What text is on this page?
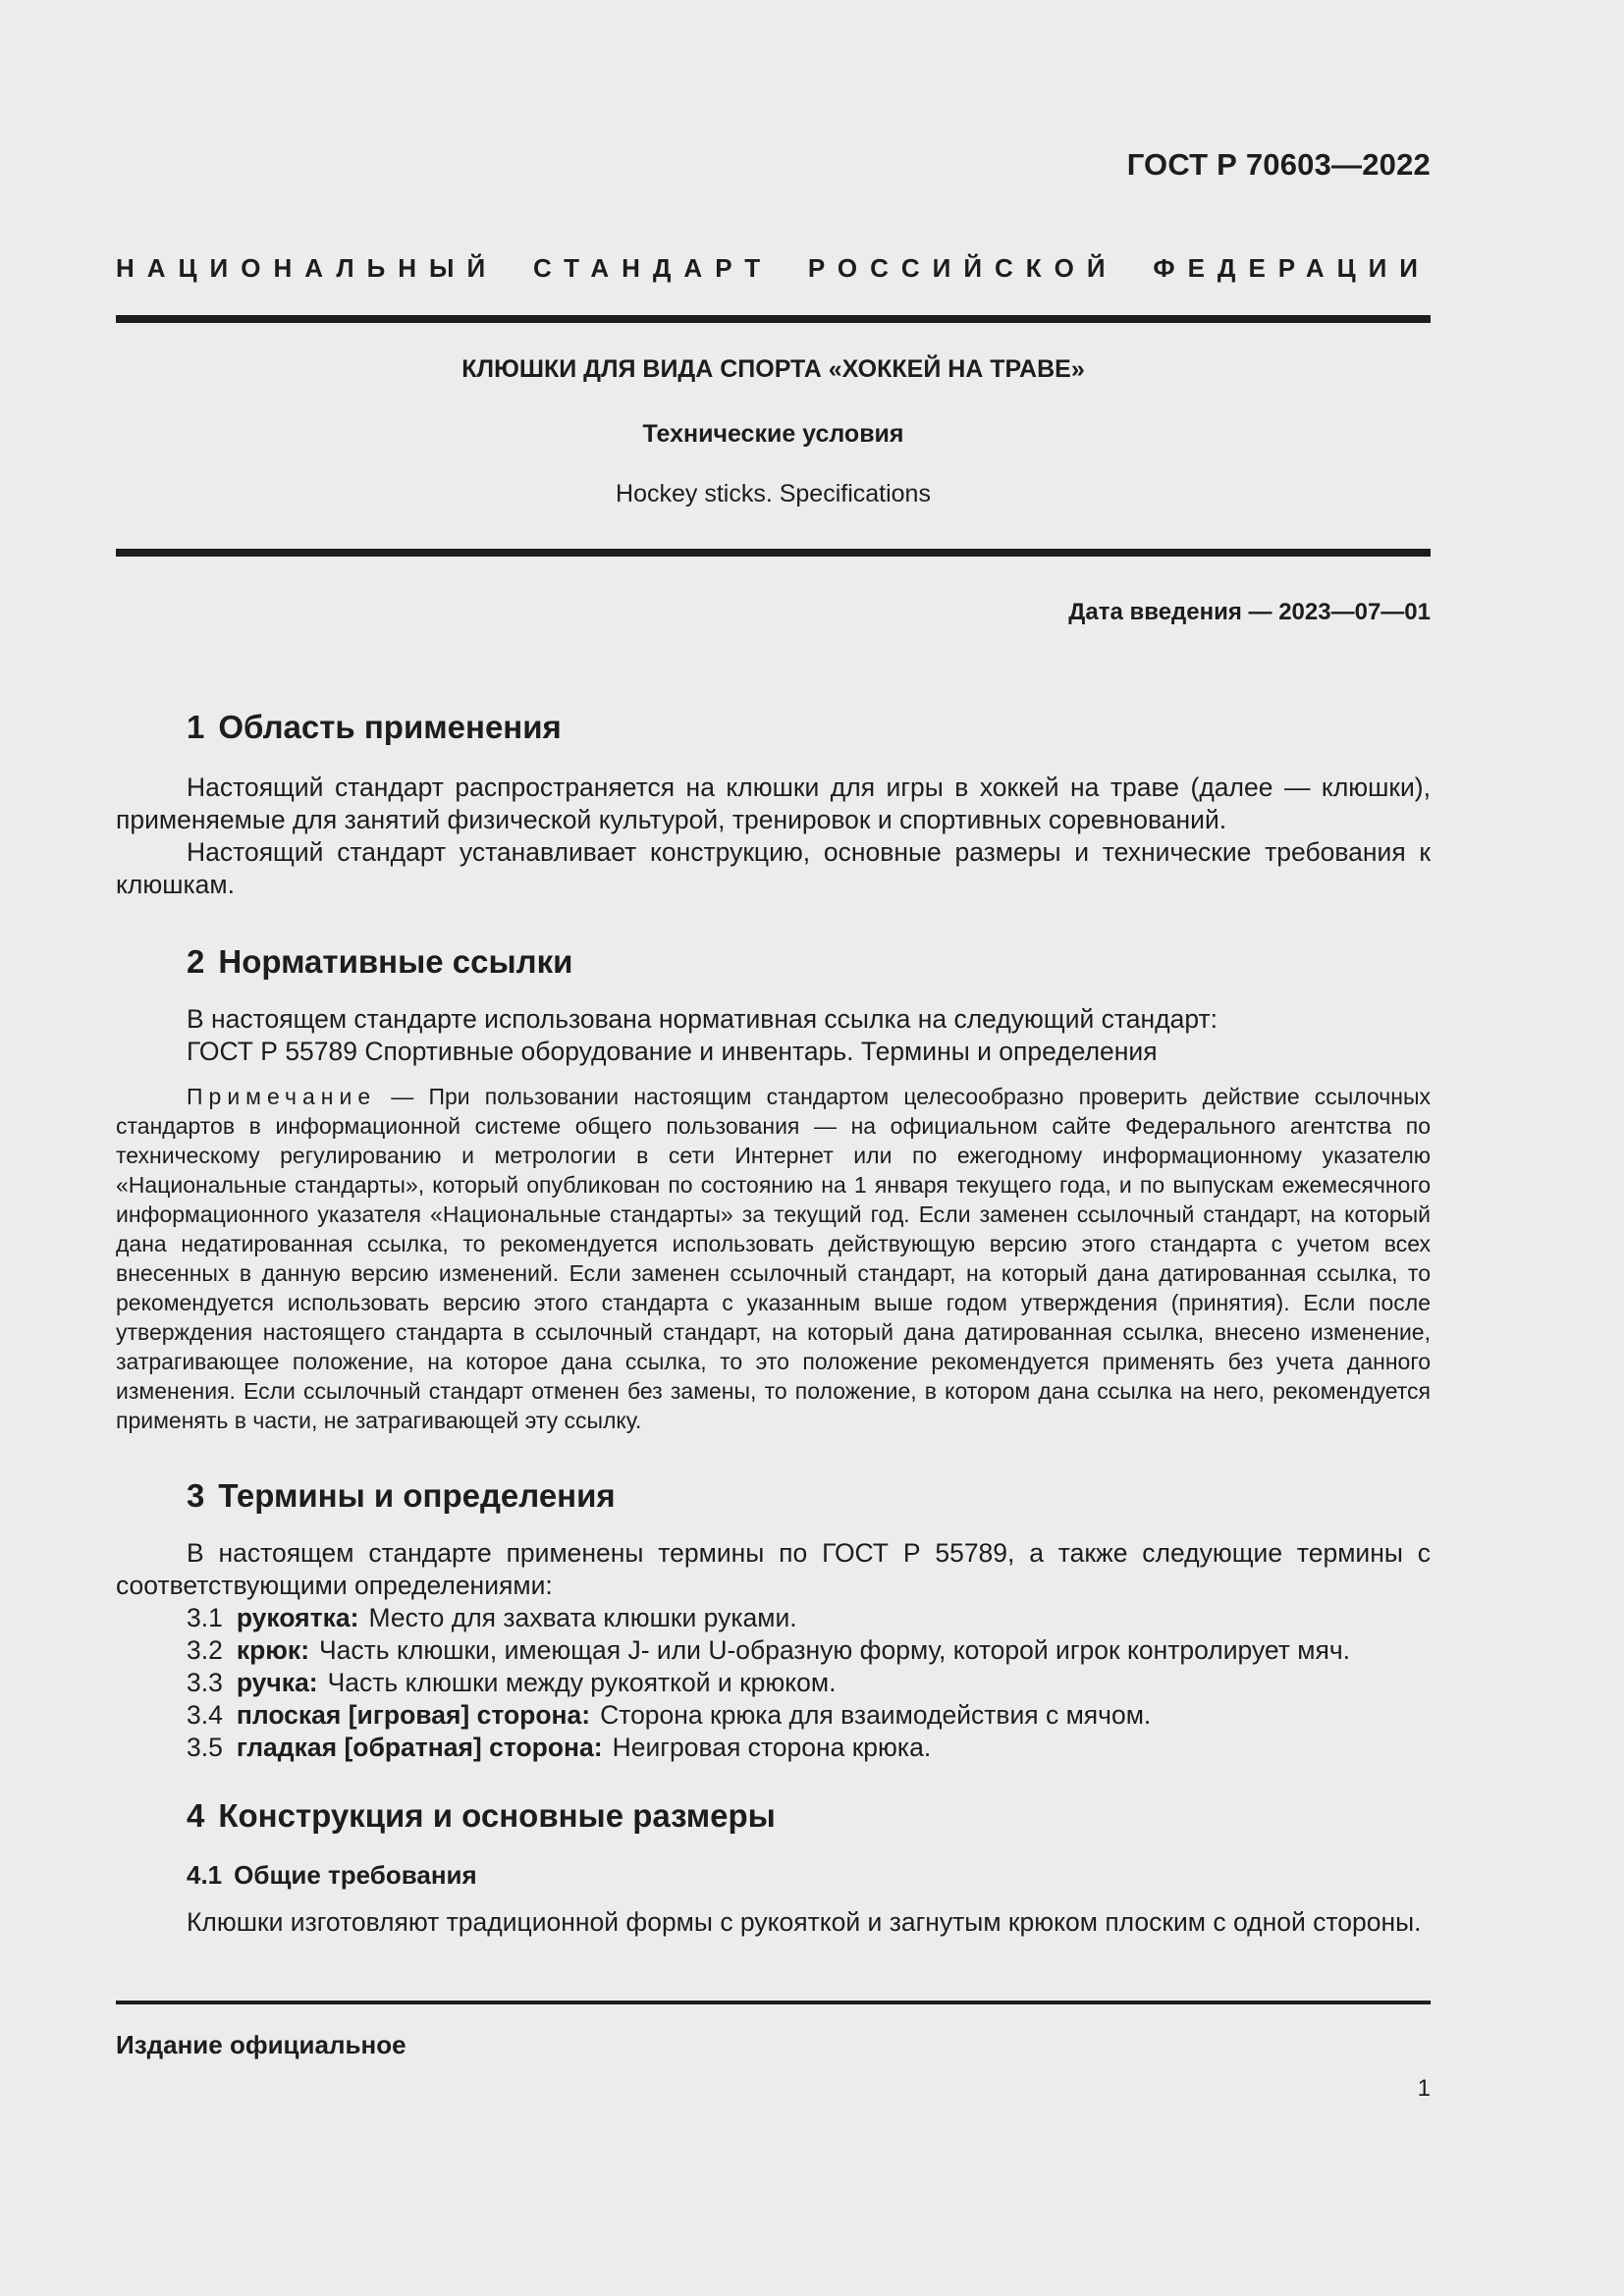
ГОСТ Р 70603—2022
НАЦИОНАЛЬНЫЙ СТАНДАРТ РОССИЙСКОЙ ФЕДЕРАЦИИ
КЛЮШКИ ДЛЯ ВИДА СПОРТА «ХОККЕЙ НА ТРАВЕ»
Технические условия
Hockey sticks. Specifications
Дата введения — 2023—07—01
1 Область применения
Настоящий стандарт распространяется на клюшки для игры в хоккей на траве (далее — клюшки), применяемые для занятий физической культурой, тренировок и спортивных соревнований.
Настоящий стандарт устанавливает конструкцию, основные размеры и технические требования к клюшкам.
2 Нормативные ссылки
В настоящем стандарте использована нормативная ссылка на следующий стандарт:
ГОСТ Р 55789 Спортивные оборудование и инвентарь. Термины и определения
Примечание — При пользовании настоящим стандартом целесообразно проверить действие ссылочных стандартов в информационной системе общего пользования — на официальном сайте Федерального агентства по техническому регулированию и метрологии в сети Интернет или по ежегодному информационному указателю «Национальные стандарты», который опубликован по состоянию на 1 января текущего года, и по выпускам ежемесячного информационного указателя «Национальные стандарты» за текущий год. Если заменен ссылочный стандарт, на который дана недатированная ссылка, то рекомендуется использовать действующую версию этого стандарта с учетом всех внесенных в данную версию изменений. Если заменен ссылочный стандарт, на который дана датированная ссылка, то рекомендуется использовать версию этого стандарта с указанным выше годом утверждения (принятия). Если после утверждения настоящего стандарта в ссылочный стандарт, на который дана датированная ссылка, внесено изменение, затрагивающее положение, на которое дана ссылка, то это положение рекомендуется применять без учета данного изменения. Если ссылочный стандарт отменен без замены, то положение, в котором дана ссылка на него, рекомендуется применять в части, не затрагивающей эту ссылку.
3 Термины и определения
В настоящем стандарте применены термины по ГОСТ Р 55789, а также следующие термины с соответствующими определениями:
3.1 рукоятка: Место для захвата клюшки руками.
3.2 крюк: Часть клюшки, имеющая J- или U-образную форму, которой игрок контролирует мяч.
3.3 ручка: Часть клюшки между рукояткой и крюком.
3.4 плоская [игровая] сторона: Сторона крюка для взаимодействия с мячом.
3.5 гладкая [обратная] сторона: Неигровая сторона крюка.
4 Конструкция и основные размеры
4.1 Общие требования
Клюшки изготовляют традиционной формы с рукояткой и загнутым крюком плоским с одной стороны.
Издание официальное
1
